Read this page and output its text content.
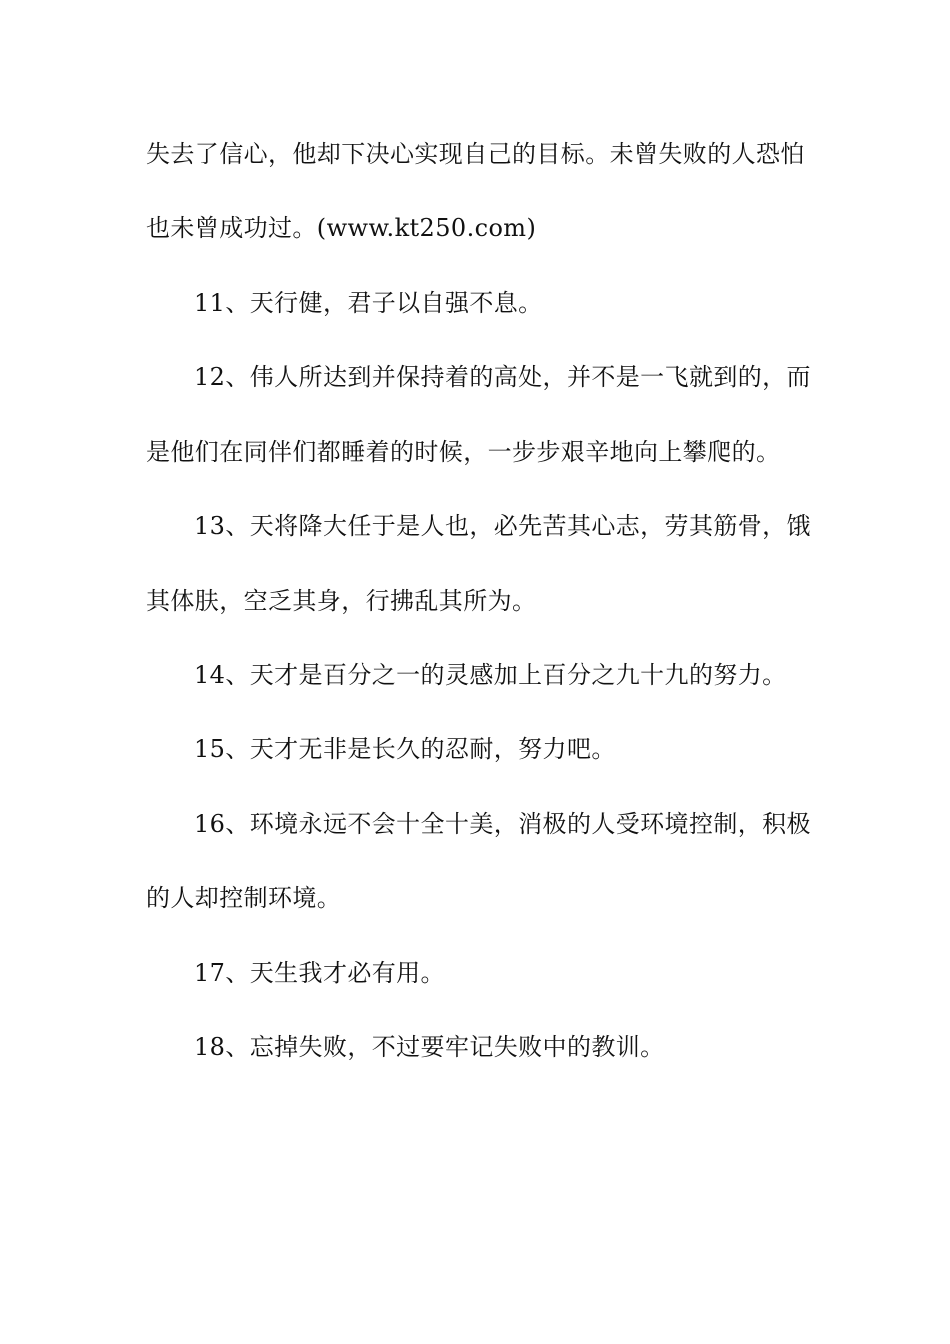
失去了信心，他却下决心实现自己的目标。未曾失败的人恐怕
也未曾成功过。(www.kt250.com)
11、天行健，君子以自强不息。
12、伟人所达到并保持着的高处，并不是一飞就到的，而
是他们在同伴们都睡着的时候，一步步艰辛地向上攀爬的。
13、天将降大任于是人也，必先苦其心志，劳其筋骨，饿
其体肤，空乏其身，行拂乱其所为。
14、天才是百分之一的灵感加上百分之九十九的努力。
15、天才无非是长久的忍耐，努力吧。
16、环境永远不会十全十美，消极的人受环境控制，积极
的人却控制环境。
17、天生我才必有用。
18、忘掉失败，不过要牢记失败中的教训。
